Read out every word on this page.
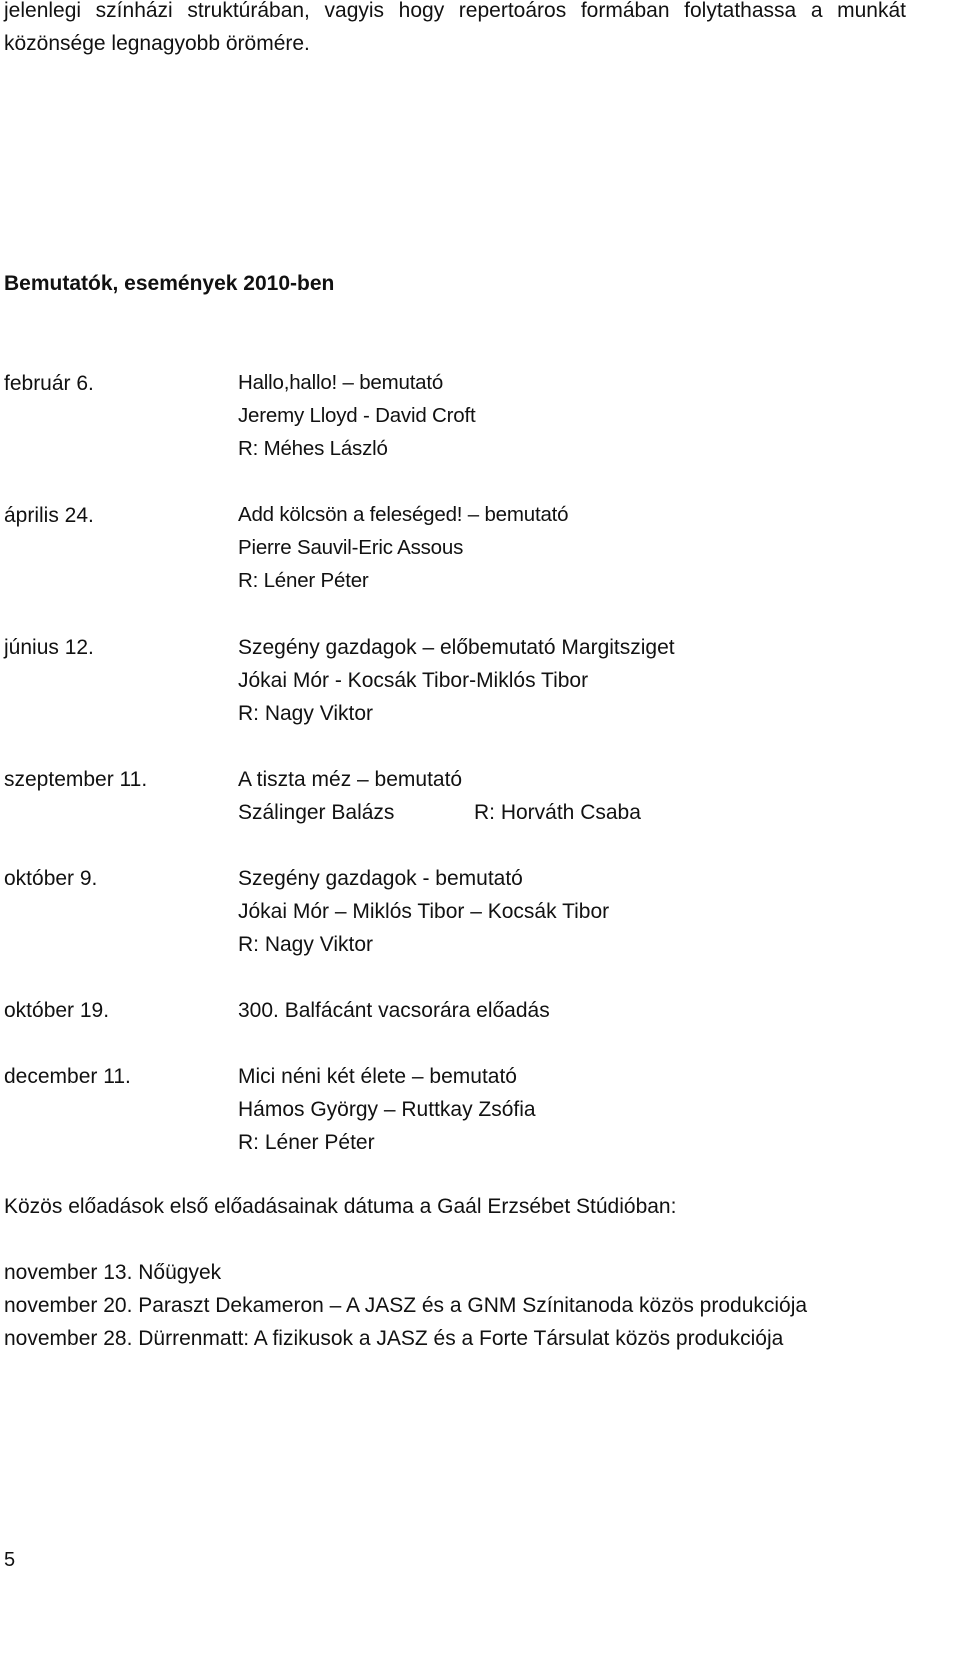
jelenlegi színházi struktúrában, vagyis hogy repertoáros formában folytathassa a munkát közönsége legnagyobb örömére.
Bemutatók, események 2010-ben
február 6.	Hallo,hallo! – bemutató
Jeremy Lloyd - David Croft
R: Méhes László
április 24.	Add kölcsön a feleséged! – bemutató
Pierre Sauvil-Eric Assous
R: Léner Péter
június 12.	Szegény gazdagok – előbemutató Margitsziget
Jókai Mór - Kocsák Tibor-Miklós Tibor
R: Nagy Viktor
szeptember 11.	A tiszta méz – bemutató
Szálinger Balázs	R: Horváth Csaba
október 9.	Szegény gazdagok - bemutató
Jókai Mór – Miklós Tibor – Kocsák Tibor
R: Nagy Viktor
október 19.	300. Balfácánt vacsorára előadás
december 11.	Mici néni két élete – bemutató
Hámos György – Ruttkay Zsófia
R: Léner Péter
Közös előadások első előadásainak dátuma a Gaál Erzsébet Stúdióban:
november 13. Nőügyek
november 20. Paraszt Dekameron – A JASZ és a GNM Színitanoda közös produkciója
november 28. Dürrenmatt: A fizikusok a JASZ és a Forte Társulat közös produkciója
5
